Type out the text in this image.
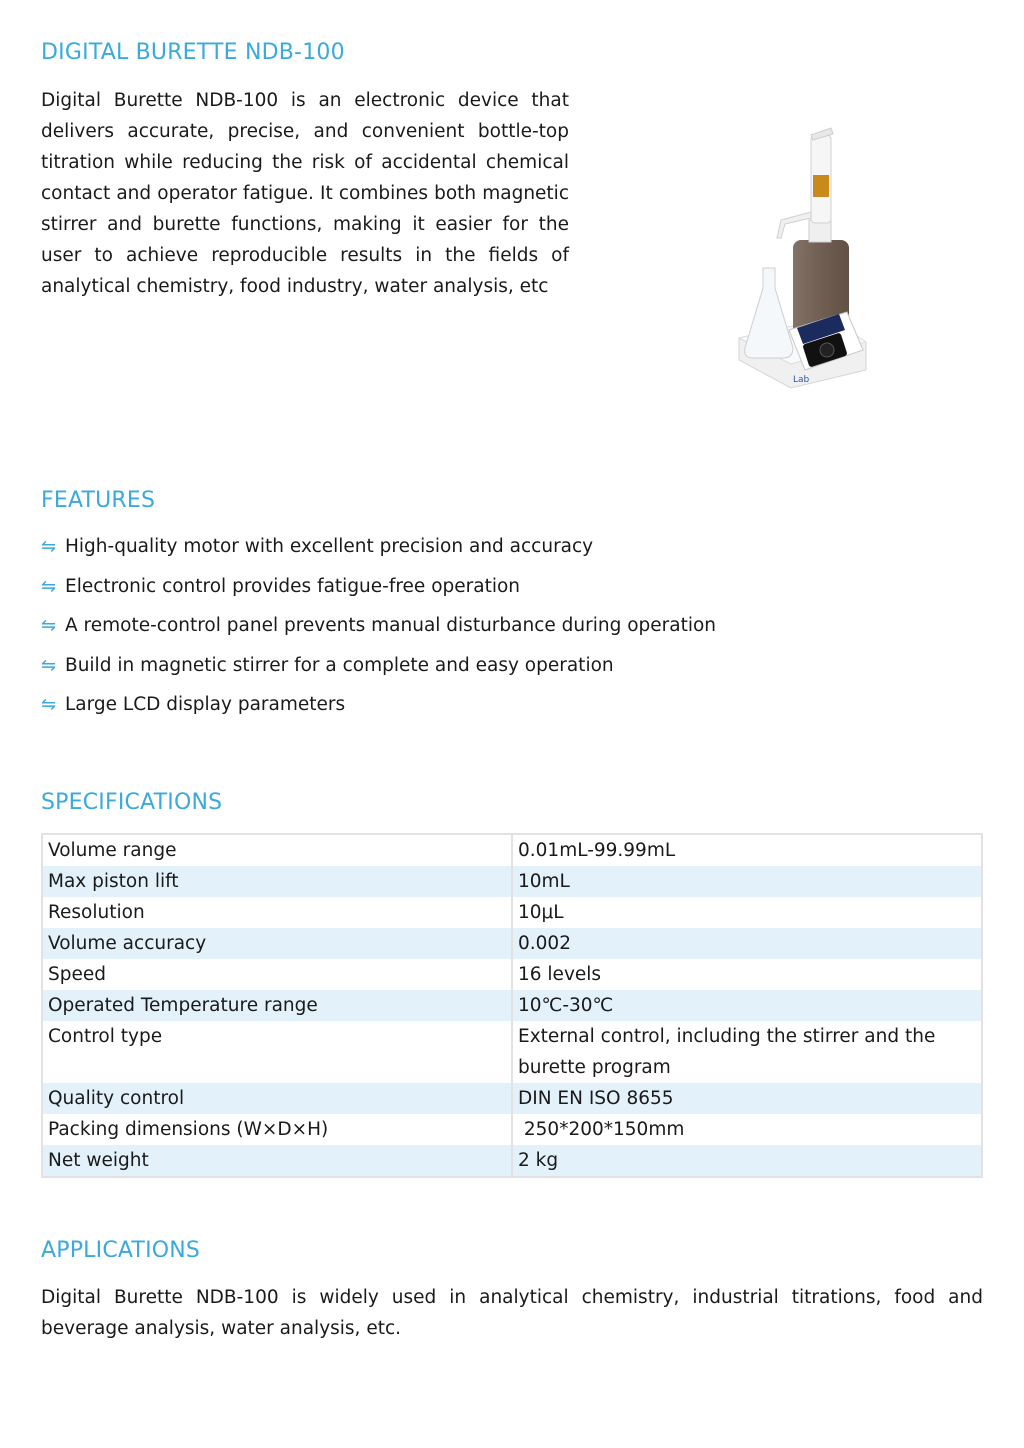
DIGITAL BURETTE NDB-100

Digital Burette NDB-100 is an electronic device that delivers accurate, precise, and convenient bottle-top titration while reducing the risk of accidental chemical contact and operator fatigue. It combines both magnetic stirrer and burette functions, making it easier for the user to achieve reproducible results in the fields of analytical chemistry, food industry, water analysis, etc

Lab
FEATURES
⇋ High-quality motor with excellent precision and accuracy
⇋ Electronic control provides fatigue-free operation
⇋ A remote-control panel prevents manual disturbance during operation
⇋ Build in magnetic stirrer for a complete and easy operation
⇋ Large LCD display parameters
SPECIFICATIONS
Volume range	0.01mL-99.99mL
Max piston lift	10mL
Resolution	10μL
Volume accuracy	0.002
Speed	16 levels
Operated Temperature range	10℃-30℃
Control type	External control, including the stirrer and the burette program
Quality control	DIN EN ISO 8655
Packing dimensions (W×D×H)	250*200*150mm
Net weight	2 kg
APPLICATIONS

Digital Burette NDB-100 is widely used in analytical chemistry, industrial titrations, food and beverage analysis, water analysis, etc.
